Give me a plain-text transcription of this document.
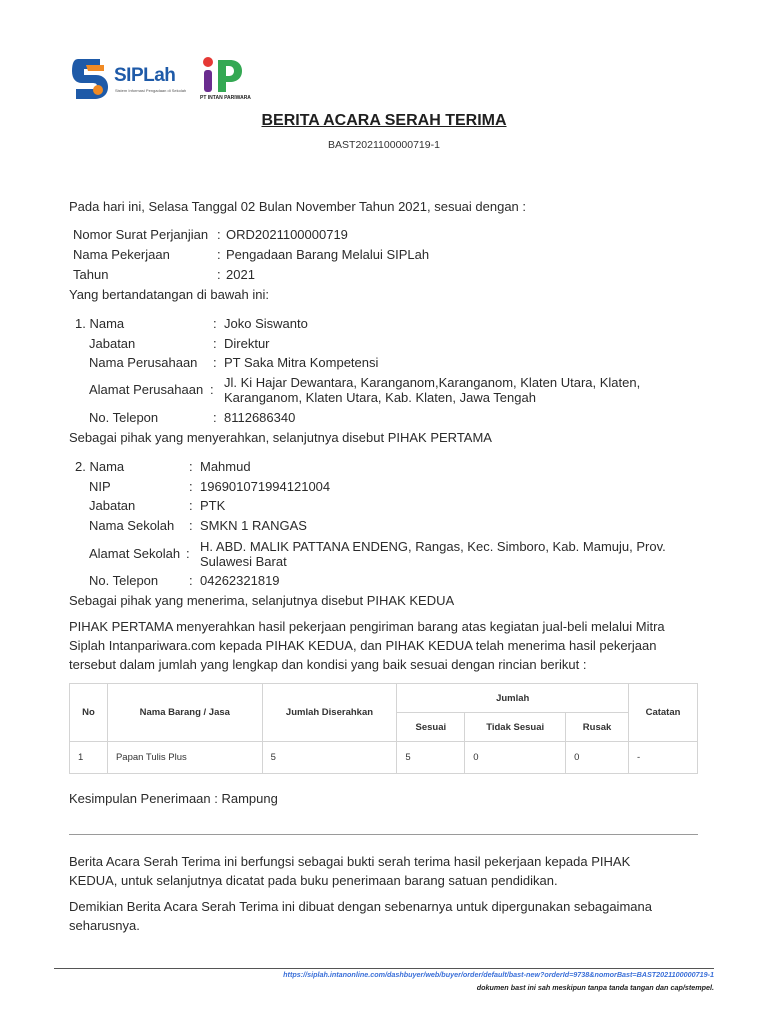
SIPLah
Sistem Informasi Pengadaan di Sekolah
PT INTAN PARIWARA
BERITA ACARA SERAH TERIMA
BAST2021100000719-1
Pada hari ini, Selasa Tanggal 02 Bulan November Tahun 2021, sesuai dengan :
Nomor Surat Perjanjian : ORD2021100000719
Nama Pekerjaan	: Pengadaan Barang Melalui SIPLah
Tahun	: 2021
Yang bertandatangan di bawah ini:
1. Nama	: Joko Siswanto
Jabatan	: Direktur
Nama Perusahaan : PT Saka Mitra Kompetensi
Alamat Perusahaan : Jl. Ki Hajar Dewantara, Karanganom,Karanganom, Klaten Utara, Klaten,
Karanganom, Klaten Utara, Kab. Klaten, Jawa Tengah
No. Telepon	: 8112686340
Sebagai pihak yang menyerahkan, selanjutnya disebut PIHAK PERTAMA
2. Nama	: Mahmud
NIP	: 196901071994121004
Jabatan	: PTK
Nama Sekolah : SMKN 1 RANGAS
Alamat Sekolah : H. ABD. MALIK PATTANA ENDENG, Rangas, Kec. Simboro, Kab. Mamuju, Prov.
Sulawesi Barat
No. Telepon : 04262321819
Sebagai pihak yang menerima, selanjutnya disebut PIHAK KEDUA
PIHAK PERTAMA menyerahkan hasil pekerjaan pengiriman barang atas kegiatan jual-beli melalui Mitra
Siplah Intanpariwara.com kepada PIHAK KEDUA, dan PIHAK KEDUA telah menerima hasil pekerjaan
tersebut dalam jumlah yang lengkap dan kondisi yang baik sesuai dengan rincian berikut :
No	Nama Barang / Jasa	Jumlah Diserahkan	Jumlah			Catatan
			Sesuai	Tidak Sesuai	Rusak	
1	Papan Tulis Plus	5	5	0	0	-
Kesimpulan Penerimaan : Rampung
Berita Acara Serah Terima ini berfungsi sebagai bukti serah terima hasil pekerjaan kepada PIHAK
KEDUA, untuk selanjutnya dicatat pada buku penerimaan barang satuan pendidikan.
Demikian Berita Acara Serah Terima ini dibuat dengan sebenarnya untuk dipergunakan sebagaimana
seharusnya.
https://siplah.intanonline.com/dashbuyer/web/buyer/order/default/bast-new?orderId=9738&nomorBast=BAST2021100000719-1
dokumen bast ini sah meskipun tanpa tanda tangan dan cap/stempel.
